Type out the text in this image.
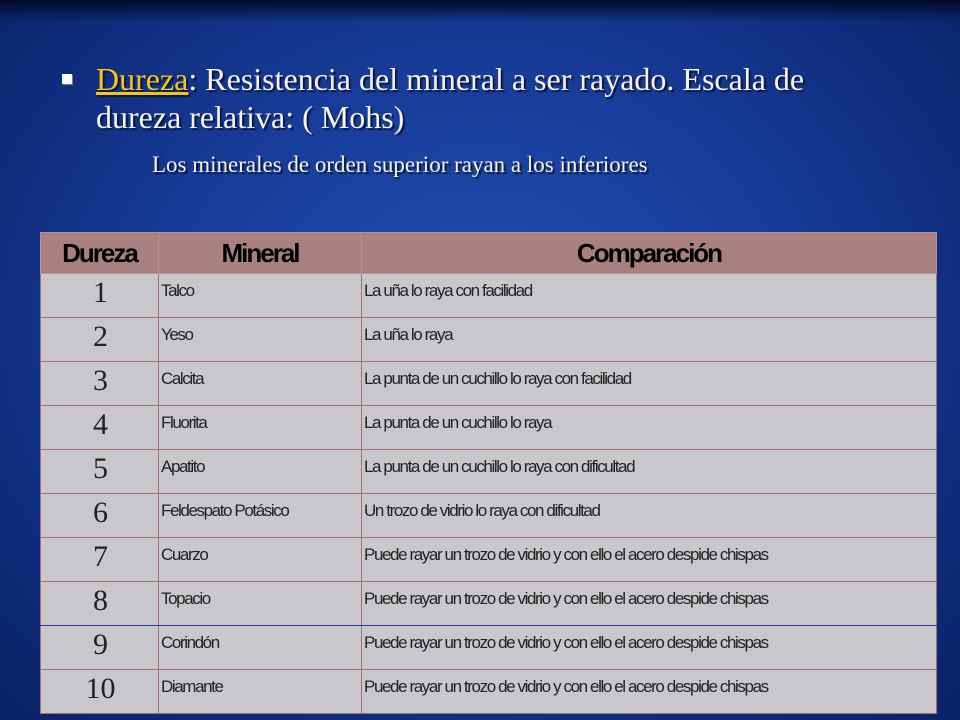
Dureza: Resistencia del mineral a ser rayado. Escala de dureza relativa: ( Mohs)
Los minerales de orden superior rayan a los inferiores
Dureza	Mineral	Comparación
1	Talco	La uña lo raya con facilidad
2	Yeso	La uña lo raya
3	Calcita	La punta de un cuchillo lo raya con facilidad
4	Fluorita	La punta de un cuchillo lo raya
5	Apatito	La punta de un cuchillo lo raya con dificultad
6	Feldespato Potásico	Un trozo de vidrio lo raya con dificultad
7	Cuarzo	Puede rayar un trozo de vidrio y con ello el acero despide chispas
8	Topacio	Puede rayar un trozo de vidrio y con ello el acero despide chispas
9	Corindón	Puede rayar un trozo de vidrio y con ello el acero despide chispas
10	Diamante	Puede rayar un trozo de vidrio y con ello el acero despide chispas
